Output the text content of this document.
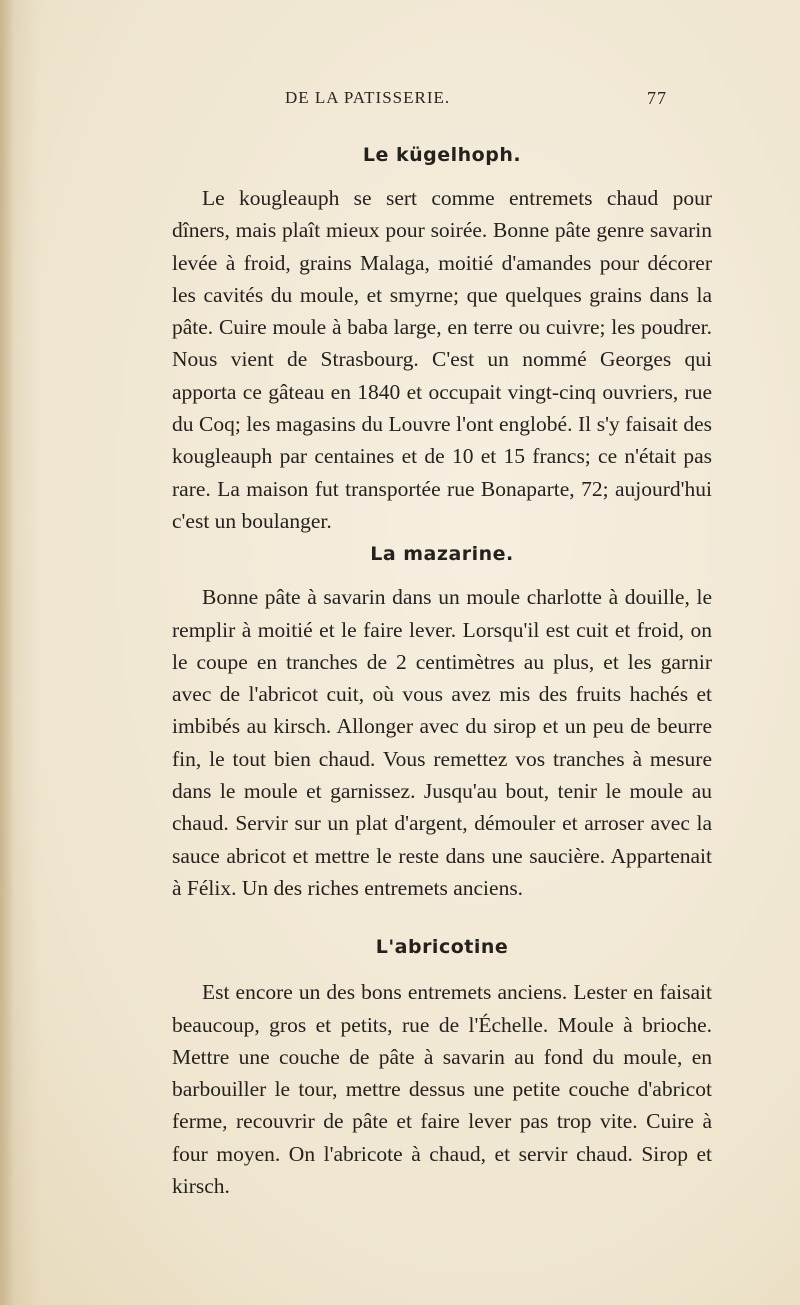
DE LA PATISSERIE.	77
Le kügelhoph.

Le kougleauph se sert comme entremets chaud pour dîners, mais plaît mieux pour soirée. Bonne pâte genre savarin levée à froid, grains Malaga, moitié d'amandes pour décorer les cavités du moule, et smyrne; que quelques grains dans la pâte. Cuire moule à baba large, en terre ou cuivre; les poudrer. Nous vient de Strasbourg. C'est un nommé Georges qui apporta ce gâteau en 1840 et occupait vingt-cinq ouvriers, rue du Coq; les magasins du Louvre l'ont englobé. Il s'y faisait des kougleauph par centaines et de 10 et 15 francs; ce n'était pas rare. La maison fut transportée rue Bonaparte, 72; aujourd'hui c'est un boulanger.

La mazarine.

Bonne pâte à savarin dans un moule charlotte à douille, le remplir à moitié et le faire lever. Lorsqu'il est cuit et froid, on le coupe en tranches de 2 centimètres au plus, et les garnir avec de l'abricot cuit, où vous avez mis des fruits hachés et imbibés au kirsch. Allonger avec du sirop et un peu de beurre fin, le tout bien chaud. Vous remettez vos tranches à mesure dans le moule et garnissez. Jusqu'au bout, tenir le moule au chaud. Servir sur un plat d'argent, démouler et arroser avec la sauce abricot et mettre le reste dans une saucière. Appartenait à Félix. Un des riches entremets anciens.

L'abricotine

Est encore un des bons entremets anciens. Lester en faisait beaucoup, gros et petits, rue de l'Échelle. Moule à brioche. Mettre une couche de pâte à savarin au fond du moule, en barbouiller le tour, mettre dessus une petite couche d'abricot ferme, recouvrir de pâte et faire lever pas trop vite. Cuire à four moyen. On l'abricote à chaud, et servir chaud. Sirop et kirsch.
